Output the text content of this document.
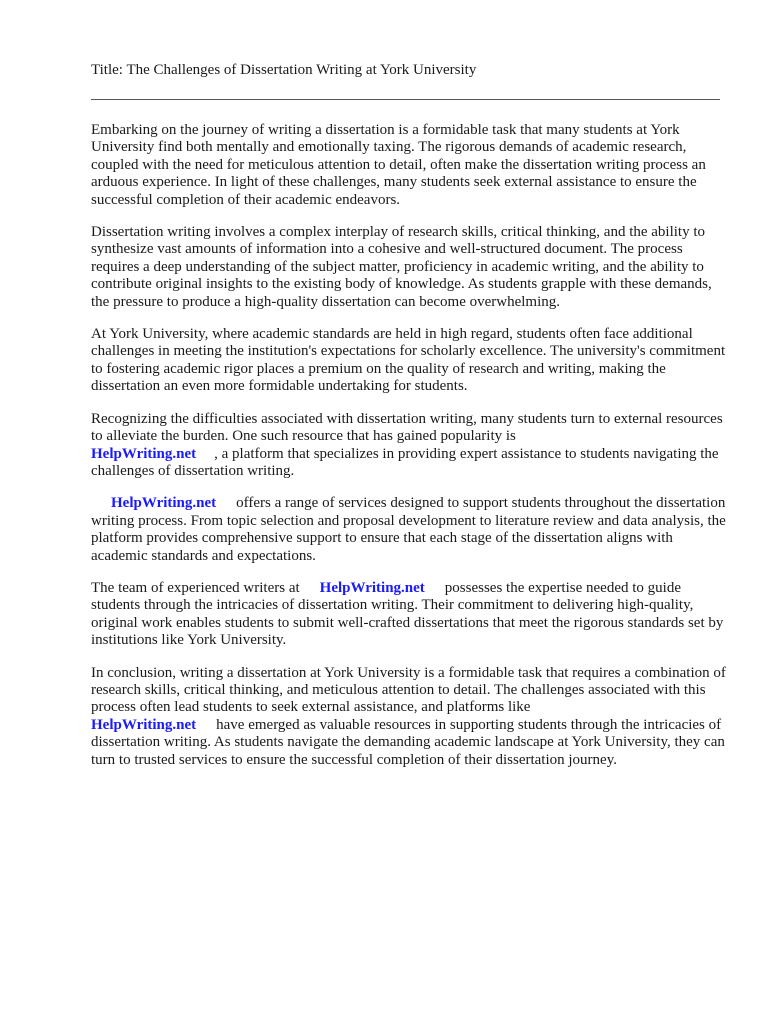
Title: The Challenges of Dissertation Writing at York University

Embarking on the journey of writing a dissertation is a formidable task that many students at York University find both mentally and emotionally taxing. The rigorous demands of academic research, coupled with the need for meticulous attention to detail, often make the dissertation writing process an arduous experience. In light of these challenges, many students seek external assistance to ensure the successful completion of their academic endeavors.

Dissertation writing involves a complex interplay of research skills, critical thinking, and the ability to synthesize vast amounts of information into a cohesive and well-structured document. The process requires a deep understanding of the subject matter, proficiency in academic writing, and the ability to contribute original insights to the existing body of knowledge. As students grapple with these demands, the pressure to produce a high-quality dissertation can become overwhelming.

At York University, where academic standards are held in high regard, students often face additional challenges in meeting the institution's expectations for scholarly excellence. The university's commitment to fostering academic rigor places a premium on the quality of research and writing, making the dissertation an even more formidable undertaking for students.

Recognizing the difficulties associated with dissertation writing, many students turn to external resources to alleviate the burden. One such resource that has gained popularity is
HelpWriting.net , a platform that specializes in providing expert assistance to students navigating the challenges of dissertation writing.

HelpWriting.net offers a range of services designed to support students throughout the dissertation writing process. From topic selection and proposal development to literature review and data analysis, the platform provides comprehensive support to ensure that each stage of the dissertation aligns with academic standards and expectations.

The team of experienced writers at HelpWriting.net possesses the expertise needed to guide students through the intricacies of dissertation writing. Their commitment to delivering high-quality, original work enables students to submit well-crafted dissertations that meet the rigorous standards set by institutions like York University.

In conclusion, writing a dissertation at York University is a formidable task that requires a combination of research skills, critical thinking, and meticulous attention to detail. The challenges associated with this process often lead students to seek external assistance, and platforms like
HelpWriting.net have emerged as valuable resources in supporting students through the intricacies of dissertation writing. As students navigate the demanding academic landscape at York University, they can turn to trusted services to ensure the successful completion of their dissertation journey.
